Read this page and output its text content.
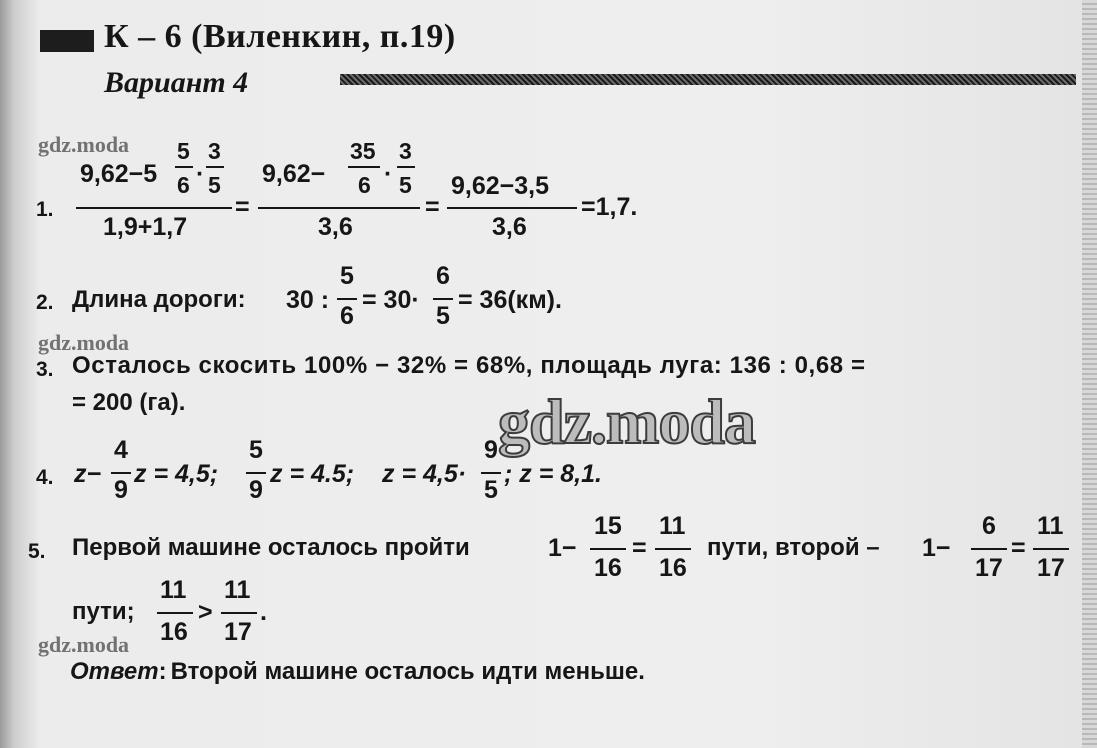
К – 6 (Виленкин, п.19)
Вариант 4
gdz.moda
gdz.moda
gdz.moda
gdz.moda
1.
9,62−5
5
6 ·
3
5
1,9+1,7
=
9,62−
35
6 ·
3
5
3,6
=
9,62−3,5
3,6
=1,7.
2. Длина дороги: 30 :
5
6
= 30·
6
5
= 36(км).
3. Осталось скосить 100% − 32% = 68%, площадь луга: 136 : 0,68 =
= 200 (га).
4. z−
4
9
z = 4,5;
5
9
z = 4.5; z = 4,5·
9
5
; z = 8,1.
5. Первой машине осталось пройти	1−
15
16
=
11
16
пути, второй – 1−
6
17
=
11
17
пути;
11
16
>
11
17
.
Ответ: Второй машине осталось идти меньше.
